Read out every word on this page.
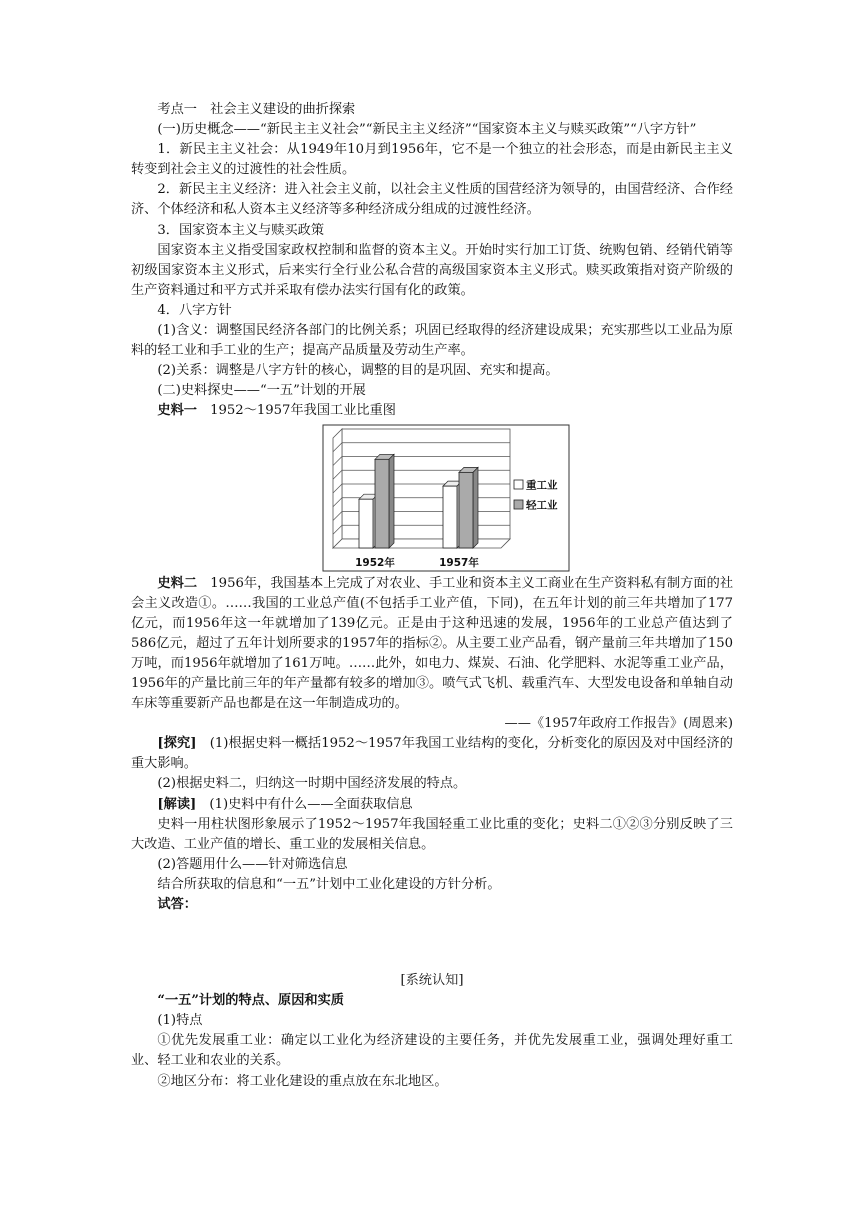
考点一　社会主义建设的曲折探索

(一)历史概念——“新民主主义社会”“新民主主义经济”“国家资本主义与赎买政策”“八字方针”

1．新民主主义社会：从1949年10月到1956年，它不是一个独立的社会形态，而是由新民主主义转变到社会主义的过渡性的社会性质。

2．新民主主义经济：进入社会主义前，以社会主义性质的国营经济为领导的，由国营经济、合作经济、个体经济和私人资本主义经济等多种经济成分组成的过渡性经济。

3．国家资本主义与赎买政策

国家资本主义指受国家政权控制和监督的资本主义。开始时实行加工订货、统购包销、经销代销等初级国家资本主义形式，后来实行全行业公私合营的高级国家资本主义形式。赎买政策指对资产阶级的生产资料通过和平方式并采取有偿办法实行国有化的政策。

4．八字方针

(1)含义：调整国民经济各部门的比例关系；巩固已经取得的经济建设成果；充实那些以工业品为原料的轻工业和手工业的生产；提高产品质量及劳动生产率。

(2)关系：调整是八字方针的核心，调整的目的是巩固、充实和提高。

(二)史料探史——“一五”计划的开展

史料一　1952～1957年我国工业比重图

1952年	1957年
重工业
轻工业

史料二　1956年，我国基本上完成了对农业、手工业和资本主义工商业在生产资料私有制方面的社会主义改造①。……我国的工业总产值(不包括手工业产值，下同)，在五年计划的前三年共增加了177亿元，而1956年这一年就增加了139亿元。正是由于这种迅速的发展，1956年的工业总产值达到了586亿元，超过了五年计划所要求的1957年的指标②。从主要工业产品看，钢产量前三年共增加了150万吨，而1956年就增加了161万吨。……此外，如电力、煤炭、石油、化学肥料、水泥等重工业产品，1956年的产量比前三年的年产量都有较多的增加③。喷气式飞机、载重汽车、大型发电设备和单轴自动车床等重要新产品也都是在这一年制造成功的。

——《1957年政府工作报告》(周恩来)

[探究]　(1)根据史料一概括1952～1957年我国工业结构的变化，分析变化的原因及对中国经济的重大影响。

(2)根据史料二，归纳这一时期中国经济发展的特点。

[解读]　(1)史料中有什么——全面获取信息

史料一用柱状图形象展示了1952～1957年我国轻重工业比重的变化；史料二①②③分别反映了三大改造、工业产值的增长、重工业的发展相关信息。

(2)答题用什么——针对筛选信息

结合所获取的信息和“一五”计划中工业化建设的方针分析。

试答：

[系统认知]

“一五”计划的特点、原因和实质

(1)特点

①优先发展重工业：确定以工业化为经济建设的主要任务，并优先发展重工业，强调处理好重工业、轻工业和农业的关系。

②地区分布：将工业化建设的重点放在东北地区。
